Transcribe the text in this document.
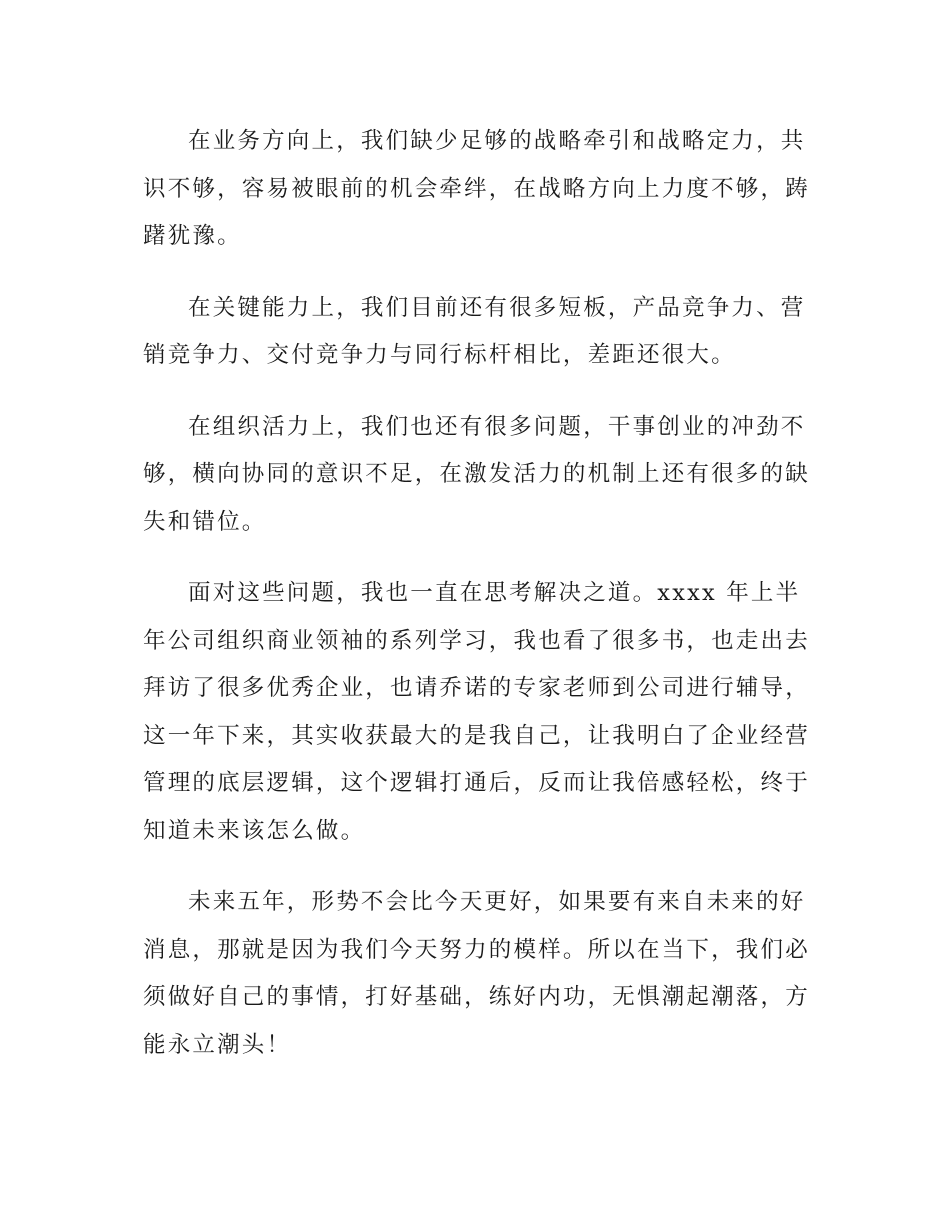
在业务方向上，我们缺少足够的战略牵引和战略定力，共
识不够，容易被眼前的机会牵绊，在战略方向上力度不够，踌
躇犹豫。

在关键能力上，我们目前还有很多短板，产品竞争力、营
销竞争力、交付竞争力与同行标杆相比，差距还很大。

在组织活力上，我们也还有很多问题，干事创业的冲劲不
够，横向协同的意识不足，在激发活力的机制上还有很多的缺
失和错位。

面对这些问题，我也一直在思考解决之道。xxxx 年上半
年公司组织商业领袖的系列学习，我也看了很多书，也走出去
拜访了很多优秀企业，也请乔诺的专家老师到公司进行辅导，
这一年下来，其实收获最大的是我自己，让我明白了企业经营
管理的底层逻辑，这个逻辑打通后，反而让我倍感轻松，终于
知道未来该怎么做。

未来五年，形势不会比今天更好，如果要有来自未来的好
消息，那就是因为我们今天努力的模样。所以在当下，我们必
须做好自己的事情，打好基础，练好内功，无惧潮起潮落，方
能永立潮头！
